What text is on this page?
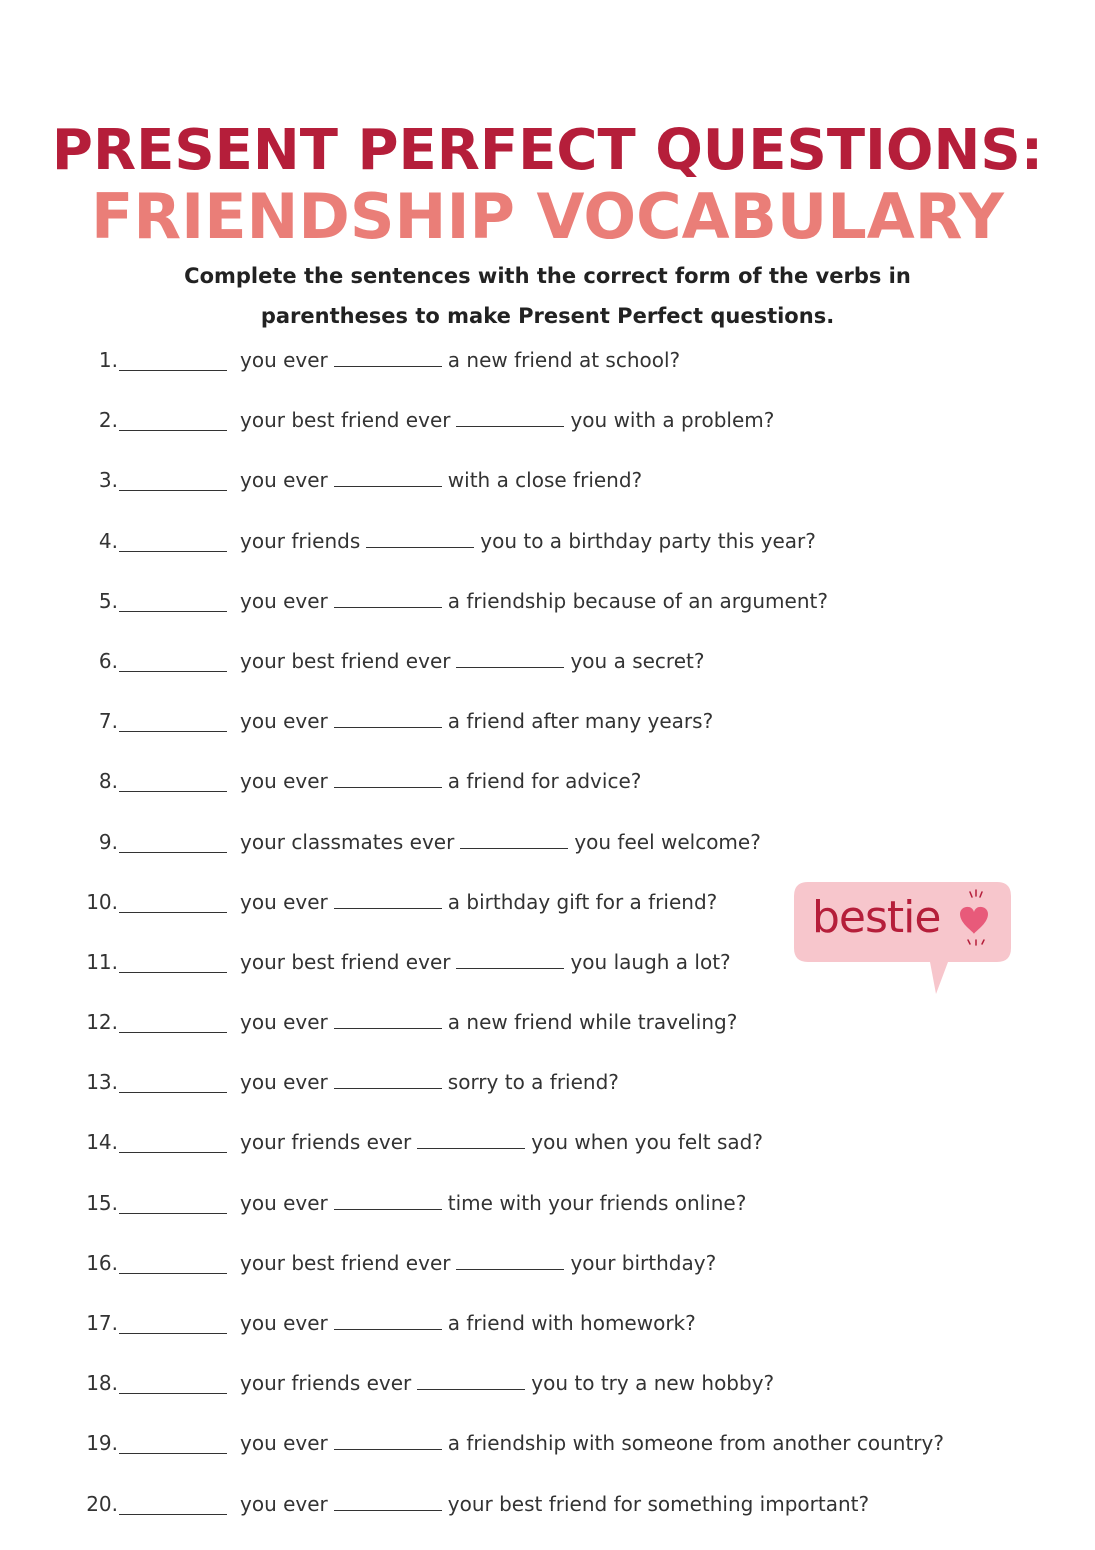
PRESENT PERFECT QUESTIONS:
FRIENDSHIP VOCABULARY

Complete the sentences with the correct form of the verbs in parentheses to make Present Perfect questions.

1.	you ever	a new friend at school?
2.	your best friend ever	you with a problem?
3.	you ever	with a close friend?
4.	your friends	you to a birthday party this year?
5.	you ever	a friendship because of an argument?
6.	your best friend ever	you a secret?
7.	you ever	a friend after many years?
8.	you ever	a friend for advice?
9.	your classmates ever	you feel welcome?
10.	you ever	a birthday gift for a friend?
11.	your best friend ever	you laugh a lot?
12.	you ever	a new friend while traveling?
13.	you ever	sorry to a friend?
14.	your friends ever	you when you felt sad?
15.	you ever	time with your friends online?
16.	your best friend ever	your birthday?
17.	you ever	a friend with homework?
18.	your friends ever	you to try a new hobby?
19.	you ever	a friendship with someone from another country?
20.	you ever	your best friend for something important?

bestie
